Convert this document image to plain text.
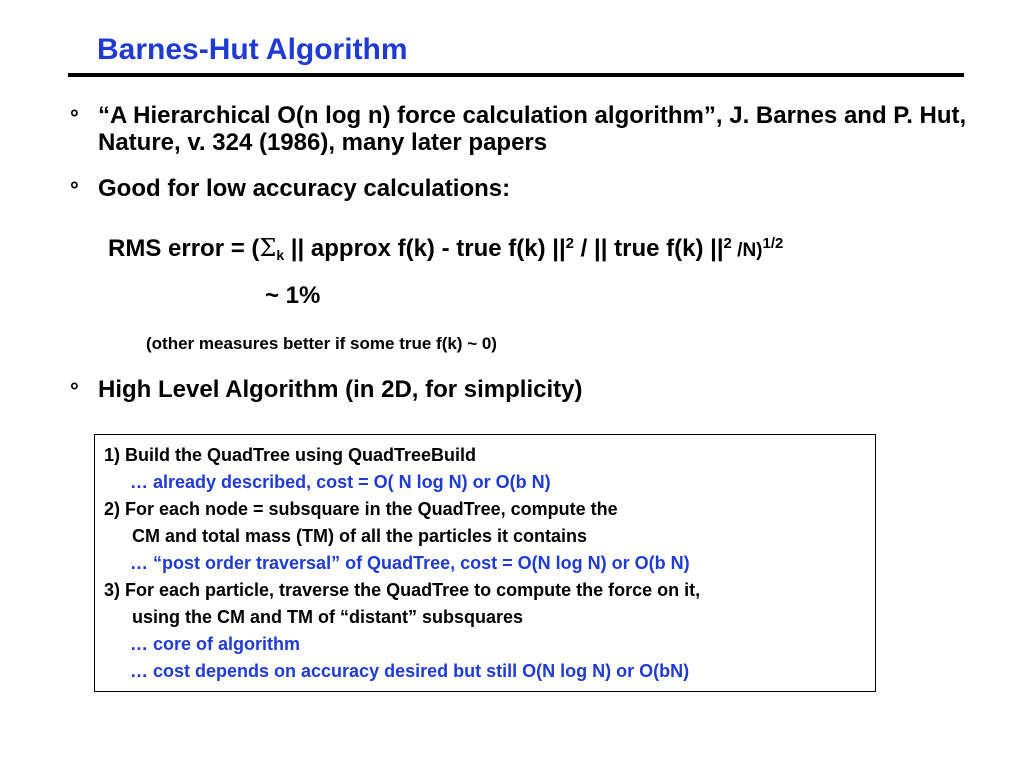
Barnes-Hut Algorithm
° “A Hierarchical O(n log n) force calculation algorithm”, J. Barnes and P. Hut, Nature, v. 324 (1986), many later papers
° Good for low accuracy calculations:
RMS error = ($\Sigma_k$ || approx f(k) - true f(k) $||^2$ / || true f(k) $||^2$ /N)$^{1/2}$
~ 1%
(other measures better if some true f(k) ~ 0)
° High Level Algorithm (in 2D, for simplicity)
1) Build the QuadTree using QuadTreeBuild
… already described, cost = O( N log N) or O(b N)
2) For each node = subsquare in the QuadTree, compute the
CM and total mass (TM) of all the particles it contains
… “post order traversal” of QuadTree, cost = O(N log N) or O(b N)
3) For each particle, traverse the QuadTree to compute the force on it,
using the CM and TM of “distant” subsquares
… core of algorithm
… cost depends on accuracy desired but still O(N log N) or O(bN)
